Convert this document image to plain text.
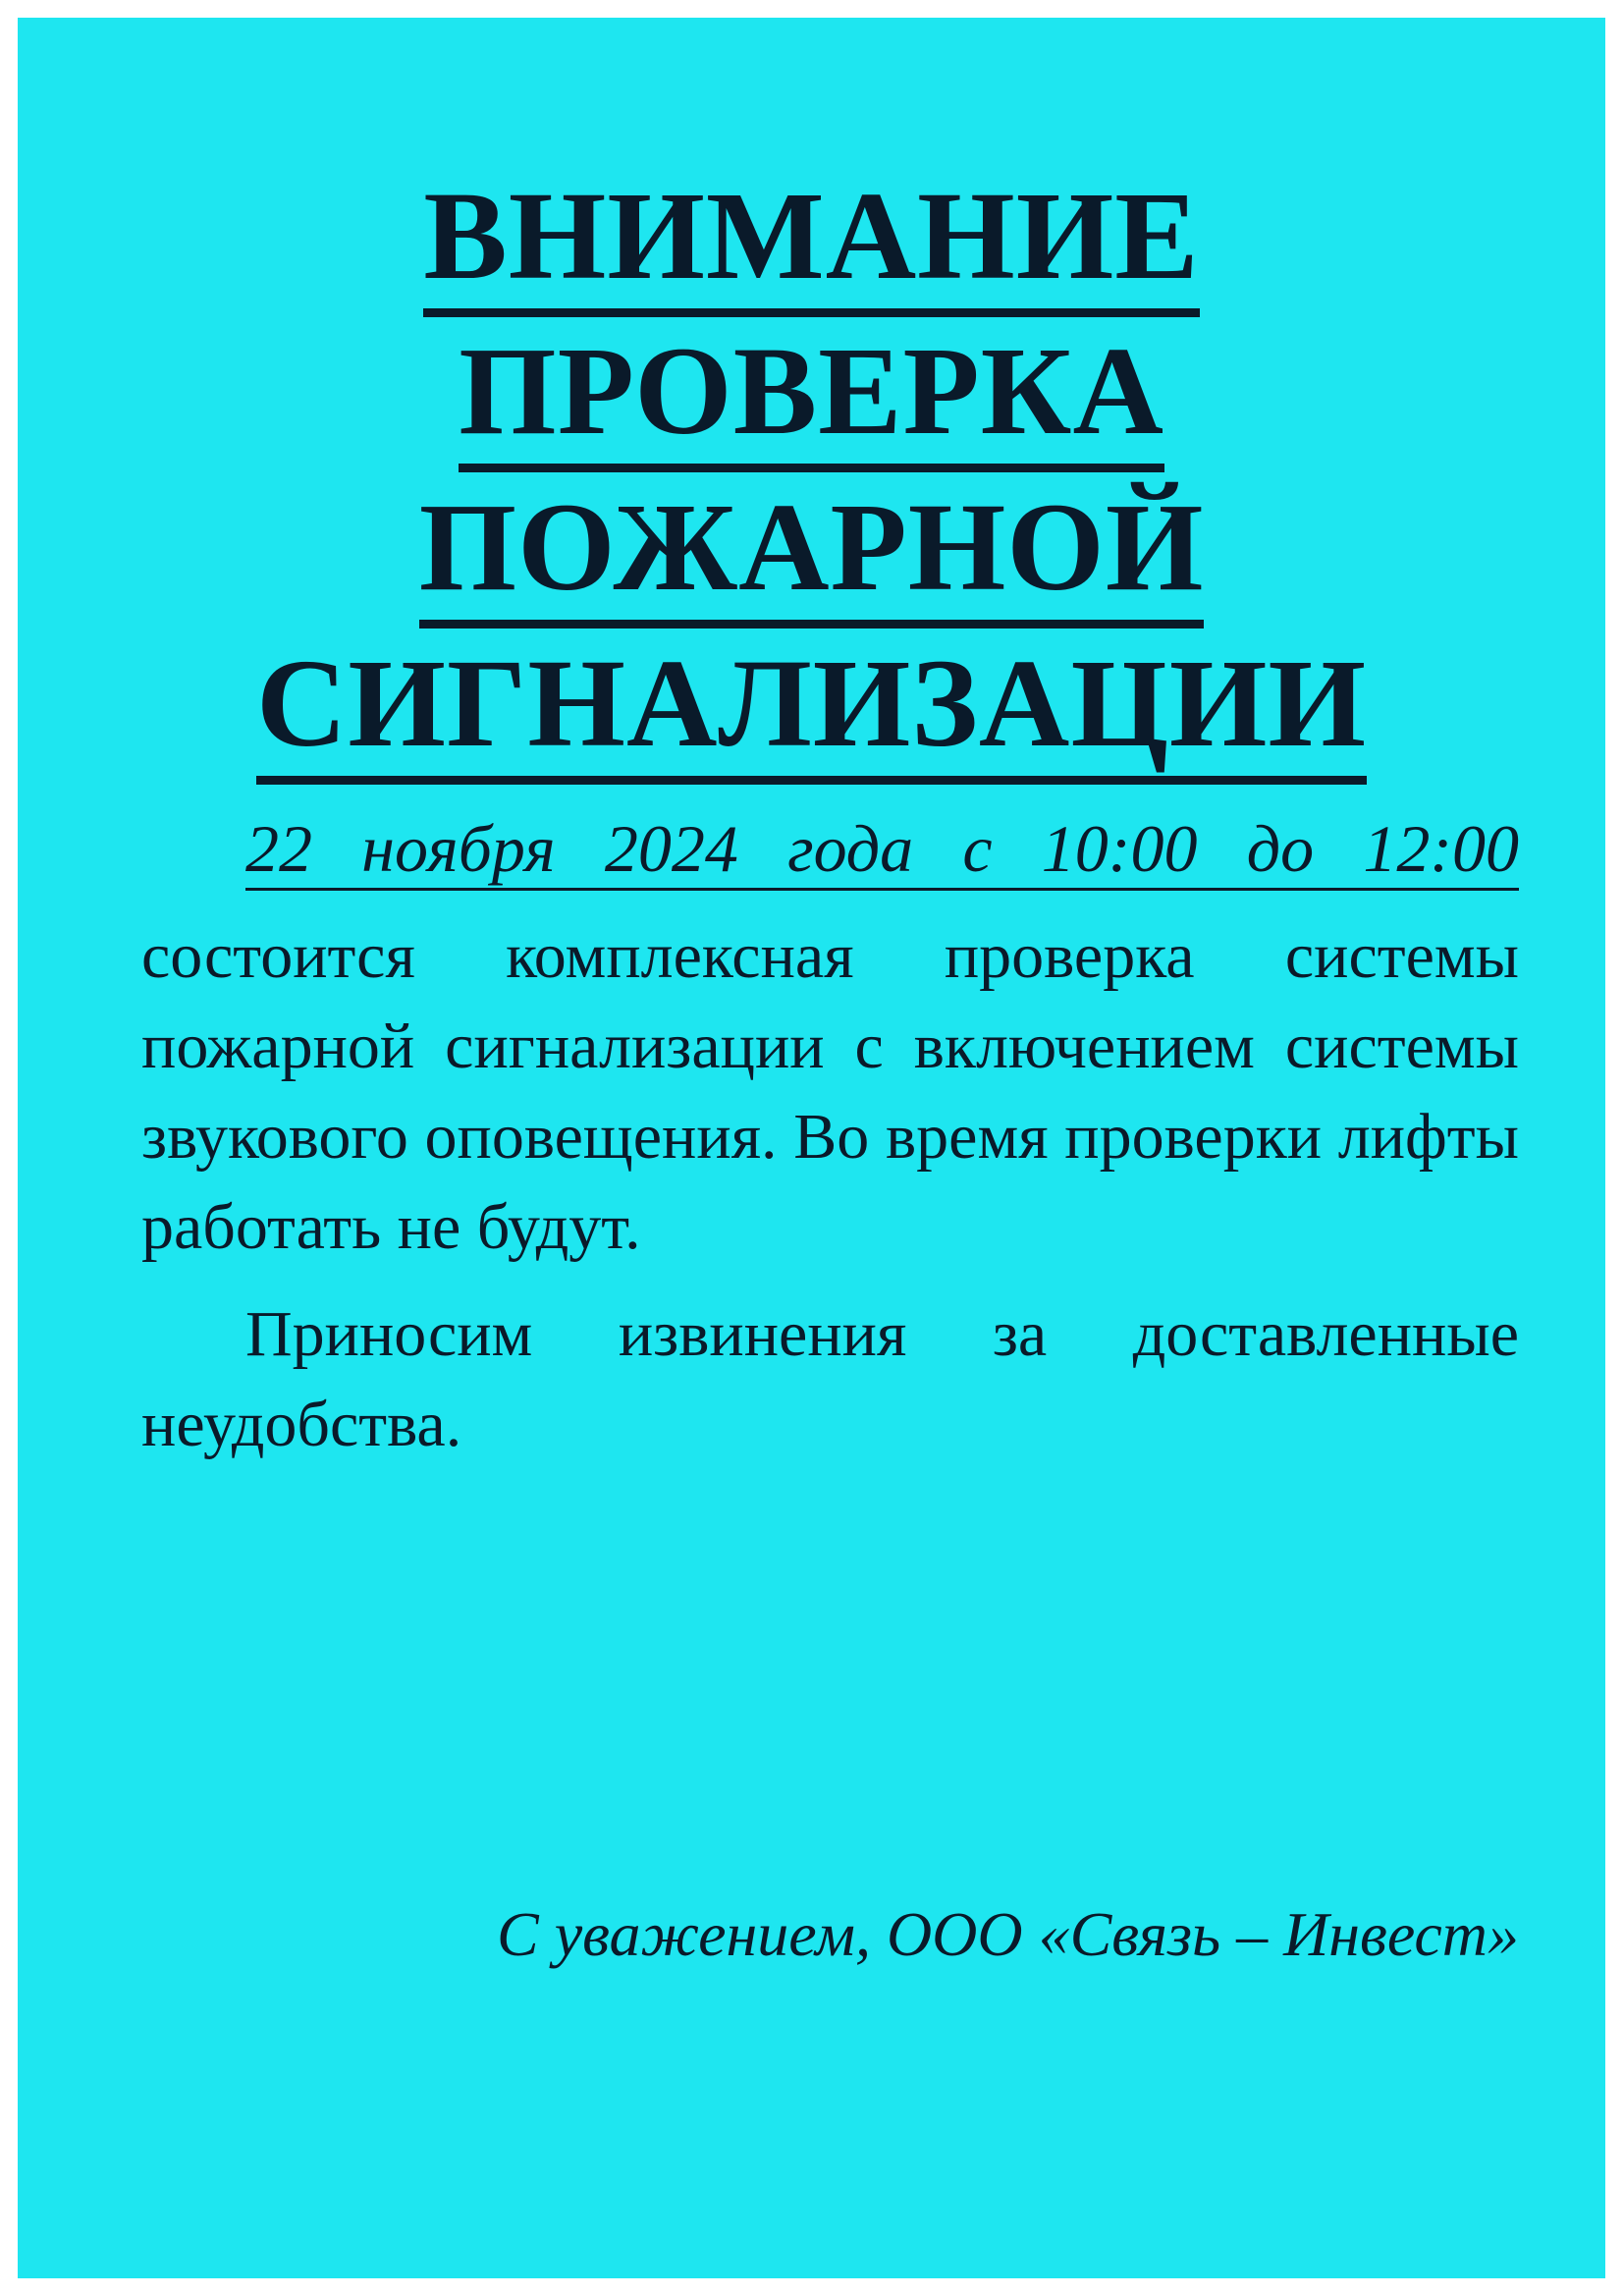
ВНИМАНИЕ
ПРОВЕРКА
ПОЖАРНОЙ
СИГНАЛИЗАЦИИ
22 ноября 2024 года с 10:00 до 12:00
состоится комплексная проверка системы пожарной сигнализации с включением системы звукового оповещения. Во время проверки лифты работать не будут.
Приносим извинения за доставленные неудобства.
С уважением, ООО «Связь – Инвест»
